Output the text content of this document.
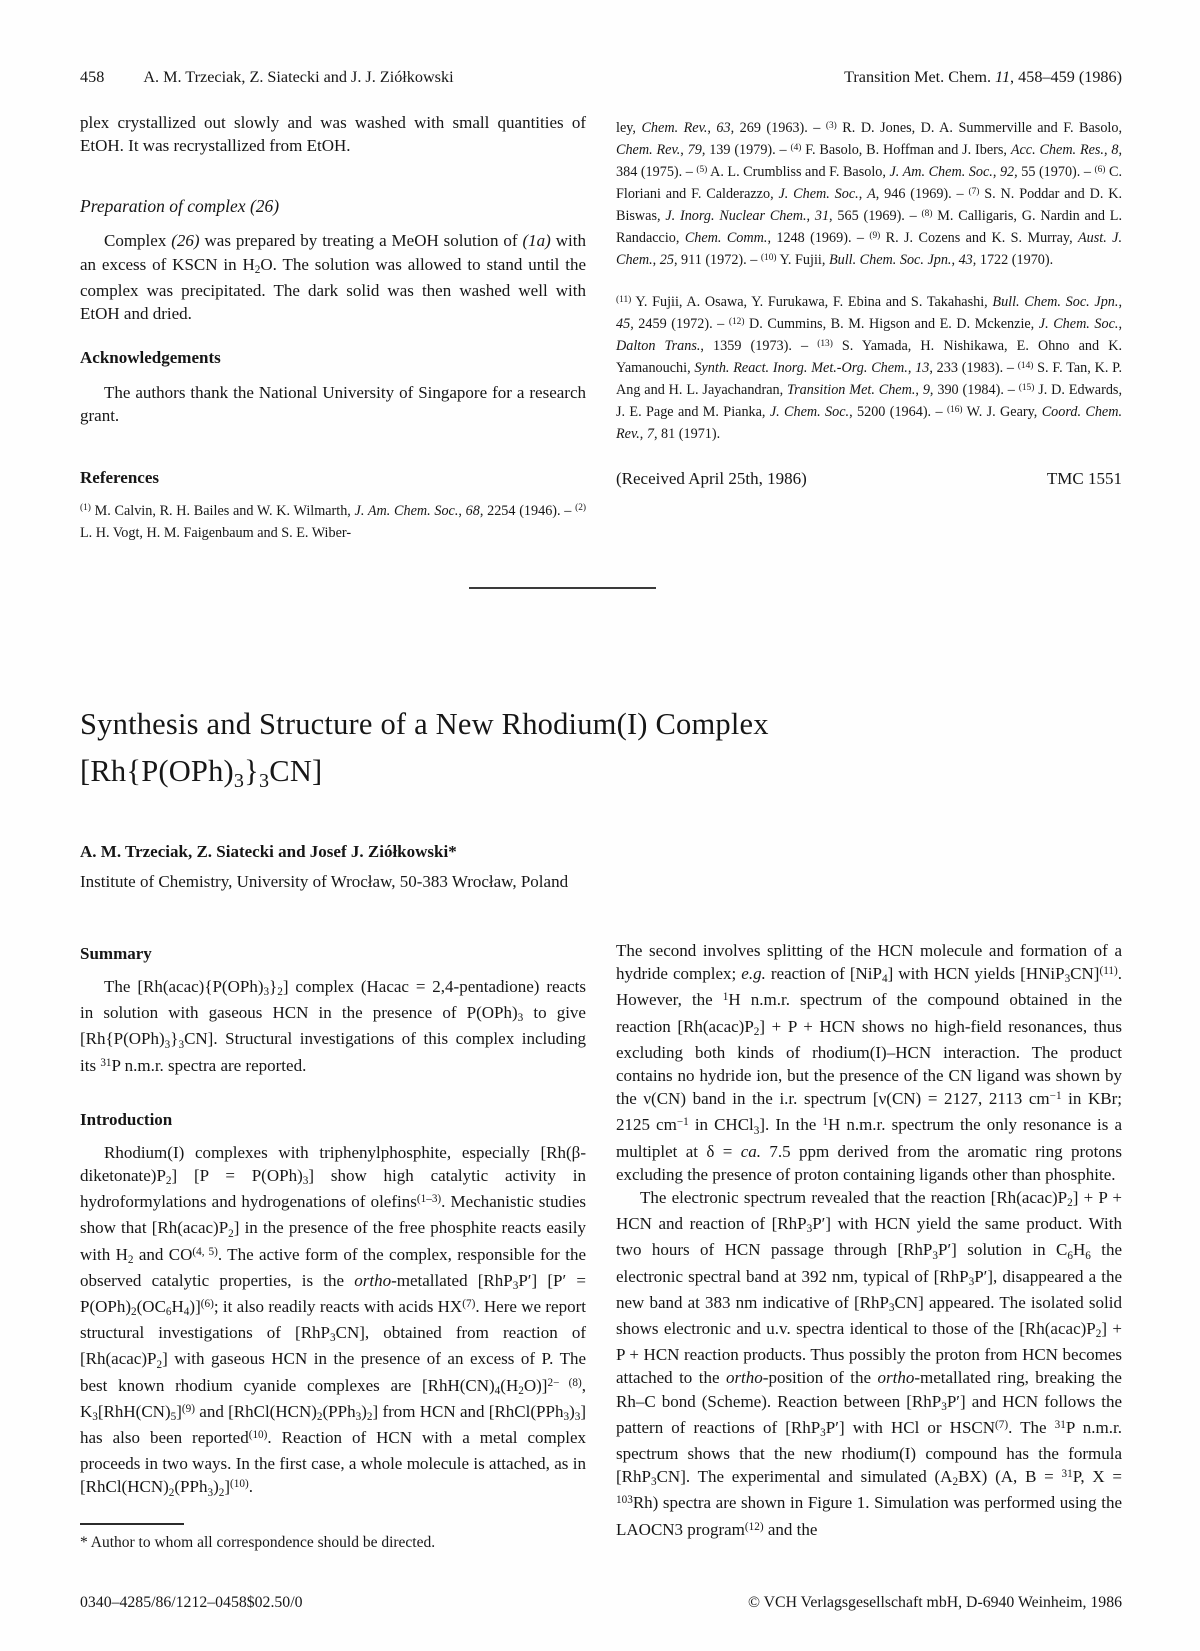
458 A. M. Trzeciak, Z. Siatecki and J. J. Ziółkowski	Transition Met. Chem. 11, 458–459 (1986)

plex crystallized out slowly and was washed with small quantities of EtOH. It was recrystallized from EtOH.

Preparation of complex (26)

Complex (26) was prepared by treating a MeOH solution of (1a) with an excess of KSCN in $H_2O$. The solution was allowed to stand until the complex was precipitated. The dark solid was then washed well with EtOH and dried.

Acknowledgements

The authors thank the National University of Singapore for a research grant.

References

$^{(1)}$ M. Calvin, R. H. Bailes and W. K. Wilmarth, J. Am. Chem. Soc., 68, 2254 (1946). – $^{(2)}$ L. H. Vogt, H. M. Faigenbaum and S. E. Wiber-

ley, Chem. Rev., 63, 269 (1963). – $^{(3)}$ R. D. Jones, D. A. Summerville and F. Basolo, Chem. Rev., 79, 139 (1979). – $^{(4)}$ F. Basolo, B. Hoffman and J. Ibers, Acc. Chem. Res., 8, 384 (1975). – $^{(5)}$ A. L. Crumbliss and F. Basolo, J. Am. Chem. Soc., 92, 55 (1970). – $^{(6)}$ C. Floriani and F. Calderazzo, J. Chem. Soc., A, 946 (1969). – $^{(7)}$ S. N. Poddar and D. K. Biswas, J. Inorg. Nuclear Chem., 31, 565 (1969). – $^{(8)}$ M. Calligaris, G. Nardin and L. Randaccio, Chem. Comm., 1248 (1969). – $^{(9)}$ R. J. Cozens and K. S. Murray, Aust. J. Chem., 25, 911 (1972). – $^{(10)}$ Y. Fujii, Bull. Chem. Soc. Jpn., 43, 1722 (1970).

$^{(11)}$ Y. Fujii, A. Osawa, Y. Furukawa, F. Ebina and S. Takahashi, Bull. Chem. Soc. Jpn., 45, 2459 (1972). – $^{(12)}$ D. Cummins, B. M. Higson and E. D. Mckenzie, J. Chem. Soc., Dalton Trans., 1359 (1973). – $^{(13)}$ S. Yamada, H. Nishikawa, E. Ohno and K. Yamanouchi, Synth. React. Inorg. Met.-Org. Chem., 13, 233 (1983). – $^{(14)}$ S. F. Tan, K. P. Ang and H. L. Jayachandran, Transition Met. Chem., 9, 390 (1984). – $^{(15)}$ J. D. Edwards, J. E. Page and M. Pianka, J. Chem. Soc., 5200 (1964). – $^{(16)}$ W. J. Geary, Coord. Chem. Rev., 7, 81 (1971).

(Received April 25th, 1986)	TMC 1551
Synthesis and Structure of a New Rhodium(I) Complex
$[Rh\{P(OPh)_3\}_3CN]$

A. M. Trzeciak, Z. Siatecki and Josef J. Ziółkowski*

Institute of Chemistry, University of Wrocław, 50-383 Wrocław, Poland

Summary

The $[Rh(acac)\{P(OPh)_3\}_2]$ complex (Hacac = 2,4-pentadione) reacts in solution with gaseous HCN in the presence of $P(OPh)_3$ to give $[Rh\{P(OPh)_3\}_3CN]$. Structural investigations of this complex including its $^{31}$P n.m.r. spectra are reported.

Introduction

Rhodium(I) complexes with triphenylphosphite, especially $[Rh(\beta-diketonate)P_2] [P = P(OPh)_3]$ show high catalytic activity in hydroformylations and hydrogenations of olefins$^{(1-3)}$. Mechanistic studies show that $[Rh(acac)P_2]$ in the presence of the free phosphite reacts easily with $H_2$ and CO$^{(4, 5)}$. The active form of the complex, responsible for the observed catalytic properties, is the ortho-metallated [RhP$_3$P′] $[P' = P(OPh)_2(OC_6H_4)]^{(6)}$; it also readily reacts with acids HX$^{(7)}$. Here we report structural investigations of [RhP$_3$CN], obtained from reaction of $[Rh(acac)P_2]$ with gaseous HCN in the presence of an excess of P. The best known rhodium cyanide complexes are $[RhH(CN)_4(H_2O)]^{2- (8)}$, $K_3[RhH(CN)_5]^{(9)}$ and $[RhCl(HCN)_2(PPh_3)_2]$ from HCN and $[RhCl(PPh_3)_3]$ has also been reported$^{(10)}$. Reaction of HCN with a metal complex proceeds in two ways. In the first case, a whole molecule is attached, as in $[RhCl(HCN)_2(PPh_3)_2]^{(10)}$.

The second involves splitting of the HCN molecule and formation of a hydride complex; e.g. reaction of [NiP$_4$] with HCN yields [HNiP$_3$CN]$^{(11)}$. However, the $^1$H n.m.r. spectrum of the compound obtained in the reaction $[Rh(acac)P_2] + P$ + HCN shows no high-field resonances, thus excluding both kinds of rhodium(I)–HCN interaction. The product contains no hydride ion, but the presence of the CN ligand was shown by the ν(CN) band in the i.r. spectrum [ν(CN) = 2127, 2113 $cm^{-1}$ in KBr; 2125 $cm^{-1}$ in CHCl$_3$]. In the $^1$H n.m.r. spectrum the only resonance is a multiplet at δ = ca. 7.5 ppm derived from the aromatic ring protons excluding the presence of proton containing ligands other than phosphite.

The electronic spectrum revealed that the reaction $[Rh(acac)P_2] + P$ + HCN and reaction of [RhP$_3$P′] with HCN yield the same product. With two hours of HCN passage through [RhP$_3$P′] solution in $C_6H_6$ the electronic spectral band at 392 nm, typical of [RhP$_3$P′], disappeared a the new band at 383 nm indicative of [RhP$_3$CN] appeared. The isolated solid shows electronic and u.v. spectra identical to those of the $[Rh(acac)P_2] + P$ + HCN reaction products. Thus possibly the proton from HCN becomes attached to the ortho-position of the ortho-metallated ring, breaking the Rh–C bond (Scheme). Reaction between [RhP$_3$P′] and HCN follows the pattern of reactions of [RhP$_3$P′] with HCl or HSCN$^{(7)}$. The $^{31}$P n.m.r. spectrum shows that the new rhodium(I) compound has the formula [RhP$_3$CN]. The experimental and simulated $(A_2BX)$ (A, B = $^{31}$P, X = $^{103}$Rh) spectra are shown in Figure 1. Simulation was performed using the LAOCN3 program$^{(12)}$ and the

* Author to whom all correspondence should be directed.

0340–4285/86/1212–0458$02.50/0	© VCH Verlagsgesellschaft mbH, D-6940 Weinheim, 1986
